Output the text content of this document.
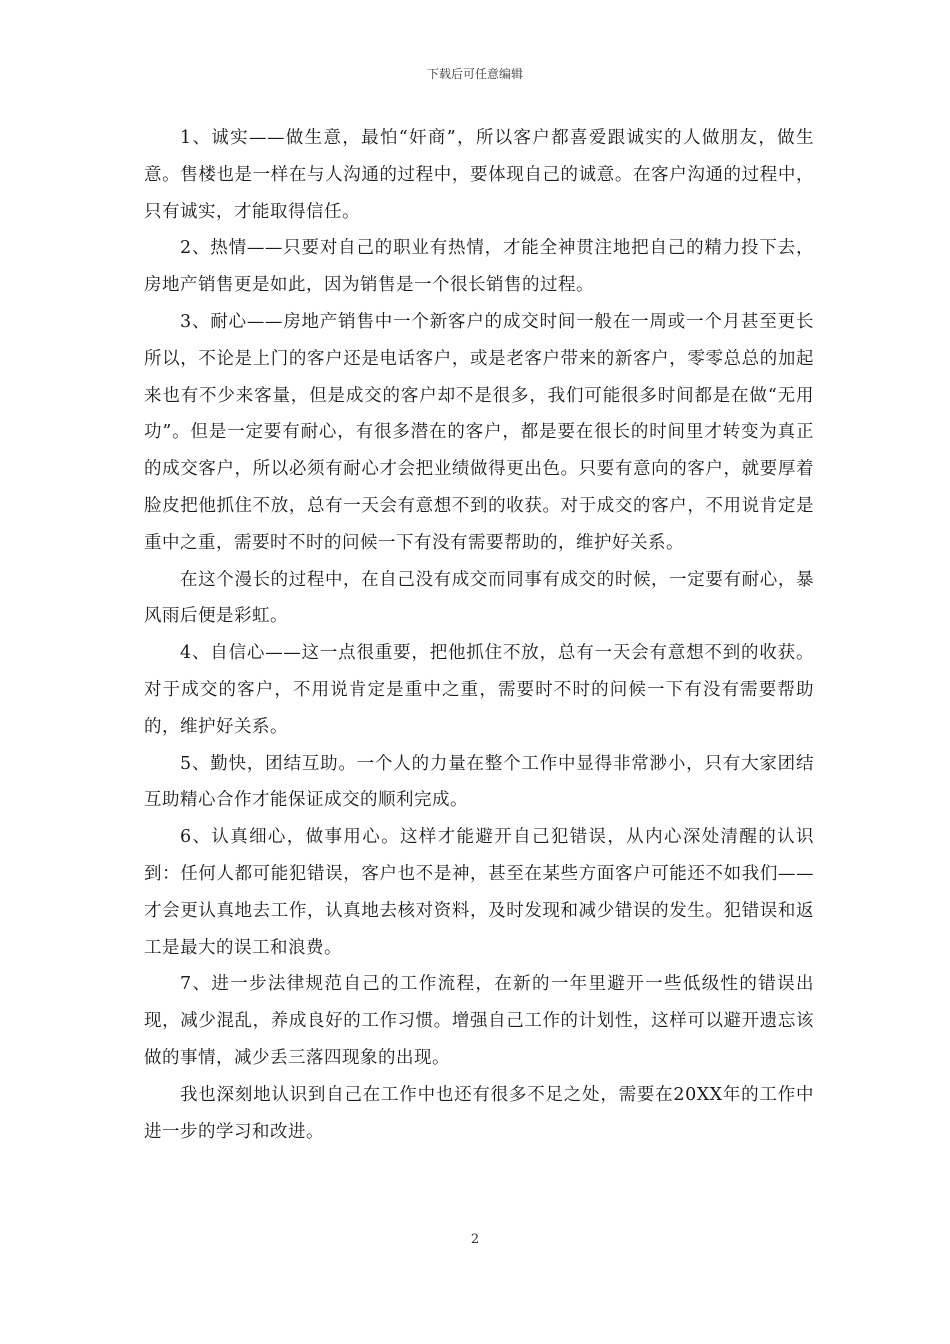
下载后可任意编辑

1、诚实——做生意，最怕“奸商”，所以客户都喜爱跟诚实的人做朋友，做生意。售楼也是一样在与人沟通的过程中，要体现自己的诚意。在客户沟通的过程中，只有诚实，才能取得信任。

2、热情——只要对自己的职业有热情，才能全神贯注地把自己的精力投下去，房地产销售更是如此，因为销售是一个很长销售的过程。

3、耐心——房地产销售中一个新客户的成交时间一般在一周或一个月甚至更长所以，不论是上门的客户还是电话客户，或是老客户带来的新客户，零零总总的加起来也有不少来客量，但是成交的客户却不是很多，我们可能很多时间都是在做“无用功”。但是一定要有耐心，有很多潜在的客户，都是要在很长的时间里才转变为真正的成交客户，所以必须有耐心才会把业绩做得更出色。只要有意向的客户，就要厚着脸皮把他抓住不放，总有一天会有意想不到的收获。对于成交的客户，不用说肯定是重中之重，需要时不时的问候一下有没有需要帮助的，维护好关系。

在这个漫长的过程中，在自己没有成交而同事有成交的时候，一定要有耐心，暴风雨后便是彩虹。

4、自信心——这一点很重要，把他抓住不放，总有一天会有意想不到的收获。对于成交的客户，不用说肯定是重中之重，需要时不时的问候一下有没有需要帮助的，维护好关系。

5、勤快，团结互助。一个人的力量在整个工作中显得非常渺小，只有大家团结互助精心合作才能保证成交的顺利完成。

6、认真细心，做事用心。这样才能避开自己犯错误，从内心深处清醒的认识到：任何人都可能犯错误，客户也不是神，甚至在某些方面客户可能还不如我们——才会更认真地去工作，认真地去核对资料，及时发现和减少错误的发生。犯错误和返工是最大的误工和浪费。

7、进一步法律规范自己的工作流程，在新的一年里避开一些低级性的错误出现，减少混乱，养成良好的工作习惯。增强自己工作的计划性，这样可以避开遗忘该做的事情，减少丢三落四现象的出现。

我也深刻地认识到自己在工作中也还有很多不足之处，需要在20XX年的工作中进一步的学习和改进。

2
